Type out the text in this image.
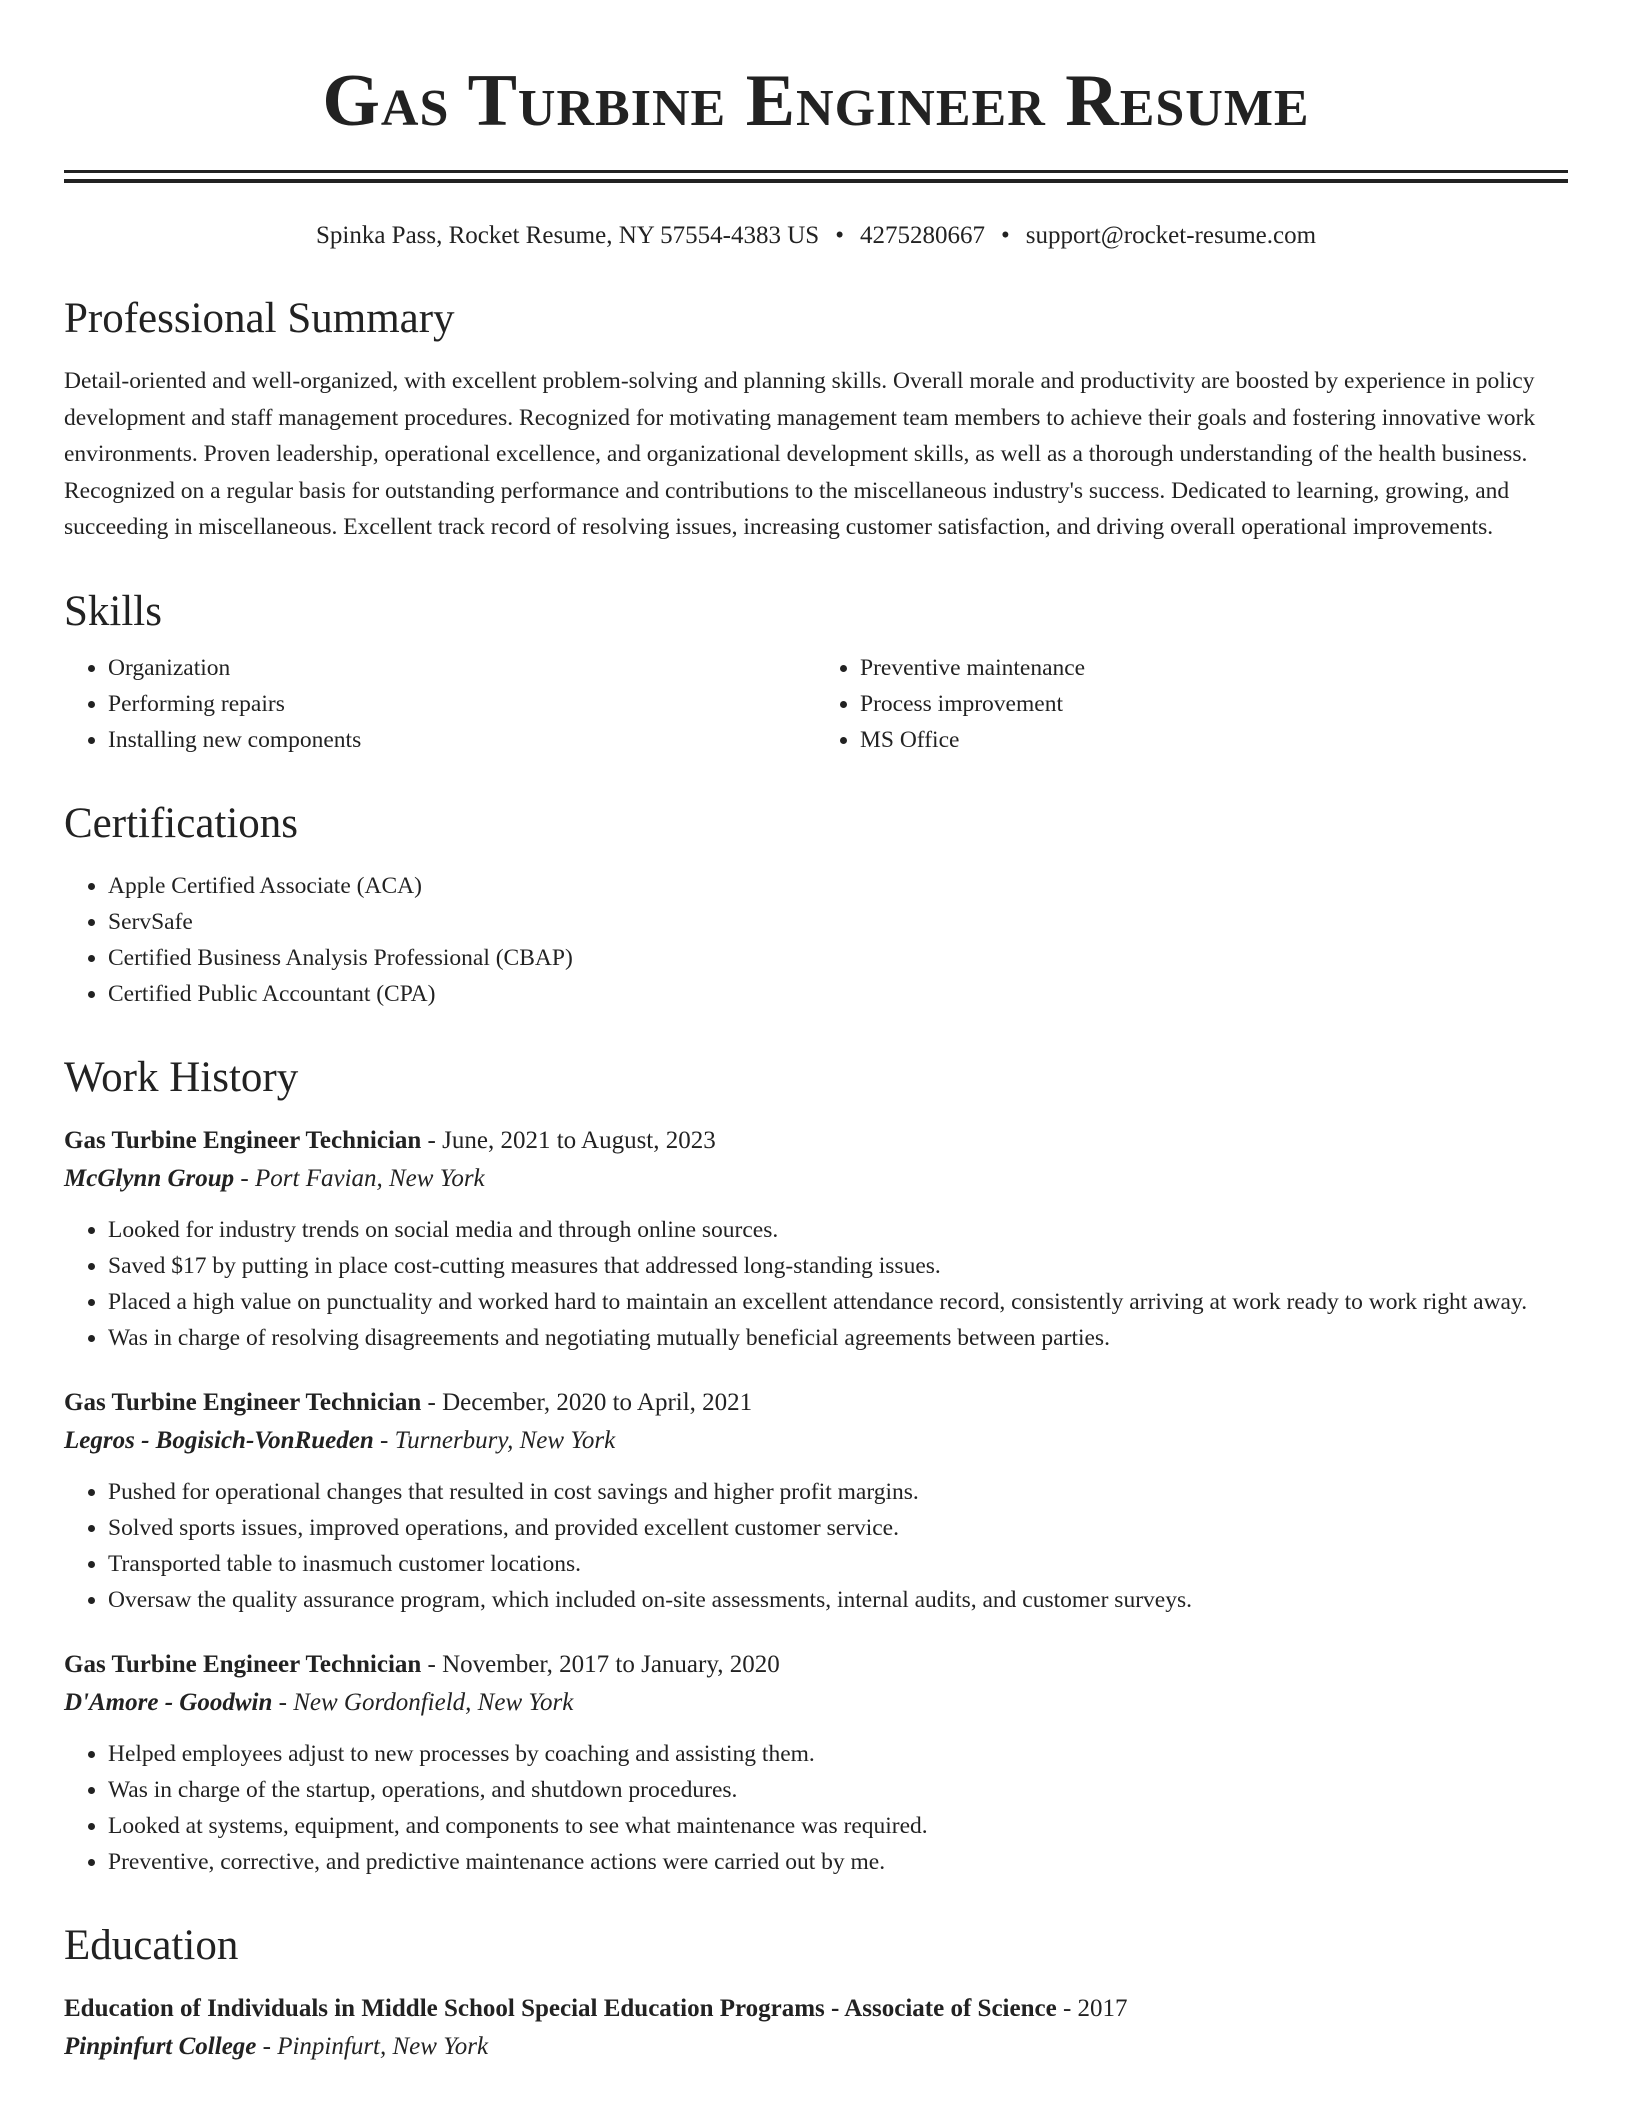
Gas Turbine Engineer Resume
Spinka Pass, Rocket Resume, NY 57554-4383 US • 4275280667 • support@rocket-resume.com
Professional Summary

Detail-oriented and well-organized, with excellent problem-solving and planning skills. Overall morale and productivity are boosted by experience in policy development and staff management procedures. Recognized for motivating management team members to achieve their goals and fostering innovative work environments. Proven leadership, operational excellence, and organizational development skills, as well as a thorough understanding of the health business. Recognized on a regular basis for outstanding performance and contributions to the miscellaneous industry's success. Dedicated to learning, growing, and succeeding in miscellaneous. Excellent track record of resolving issues, increasing customer satisfaction, and driving overall operational improvements.

Skills
• Organization
• Performing repairs
• Installing new components
• Preventive maintenance
• Process improvement
• MS Office
Certifications
• Apple Certified Associate (ACA)
• ServSafe
• Certified Business Analysis Professional (CBAP)
• Certified Public Accountant (CPA)
Work History
Gas Turbine Engineer Technician - June, 2021 to August, 2023
McGlynn Group - Port Favian, New York
• Looked for industry trends on social media and through online sources.
• Saved $17 by putting in place cost-cutting measures that addressed long-standing issues.
• Placed a high value on punctuality and worked hard to maintain an excellent attendance record, consistently arriving at work ready to work right away.
• Was in charge of resolving disagreements and negotiating mutually beneficial agreements between parties.
Gas Turbine Engineer Technician - December, 2020 to April, 2021
Legros - Bogisich-VonRueden - Turnerbury, New York
• Pushed for operational changes that resulted in cost savings and higher profit margins.
• Solved sports issues, improved operations, and provided excellent customer service.
• Transported table to inasmuch customer locations.
• Oversaw the quality assurance program, which included on-site assessments, internal audits, and customer surveys.
Gas Turbine Engineer Technician - November, 2017 to January, 2020
D'Amore - Goodwin - New Gordonfield, New York
• Helped employees adjust to new processes by coaching and assisting them.
• Was in charge of the startup, operations, and shutdown procedures.
• Looked at systems, equipment, and components to see what maintenance was required.
• Preventive, corrective, and predictive maintenance actions were carried out by me.
Education
Education of Individuals in Middle School Special Education Programs - Associate of Science - 2017
Pinpinfurt College - Pinpinfurt, New York
